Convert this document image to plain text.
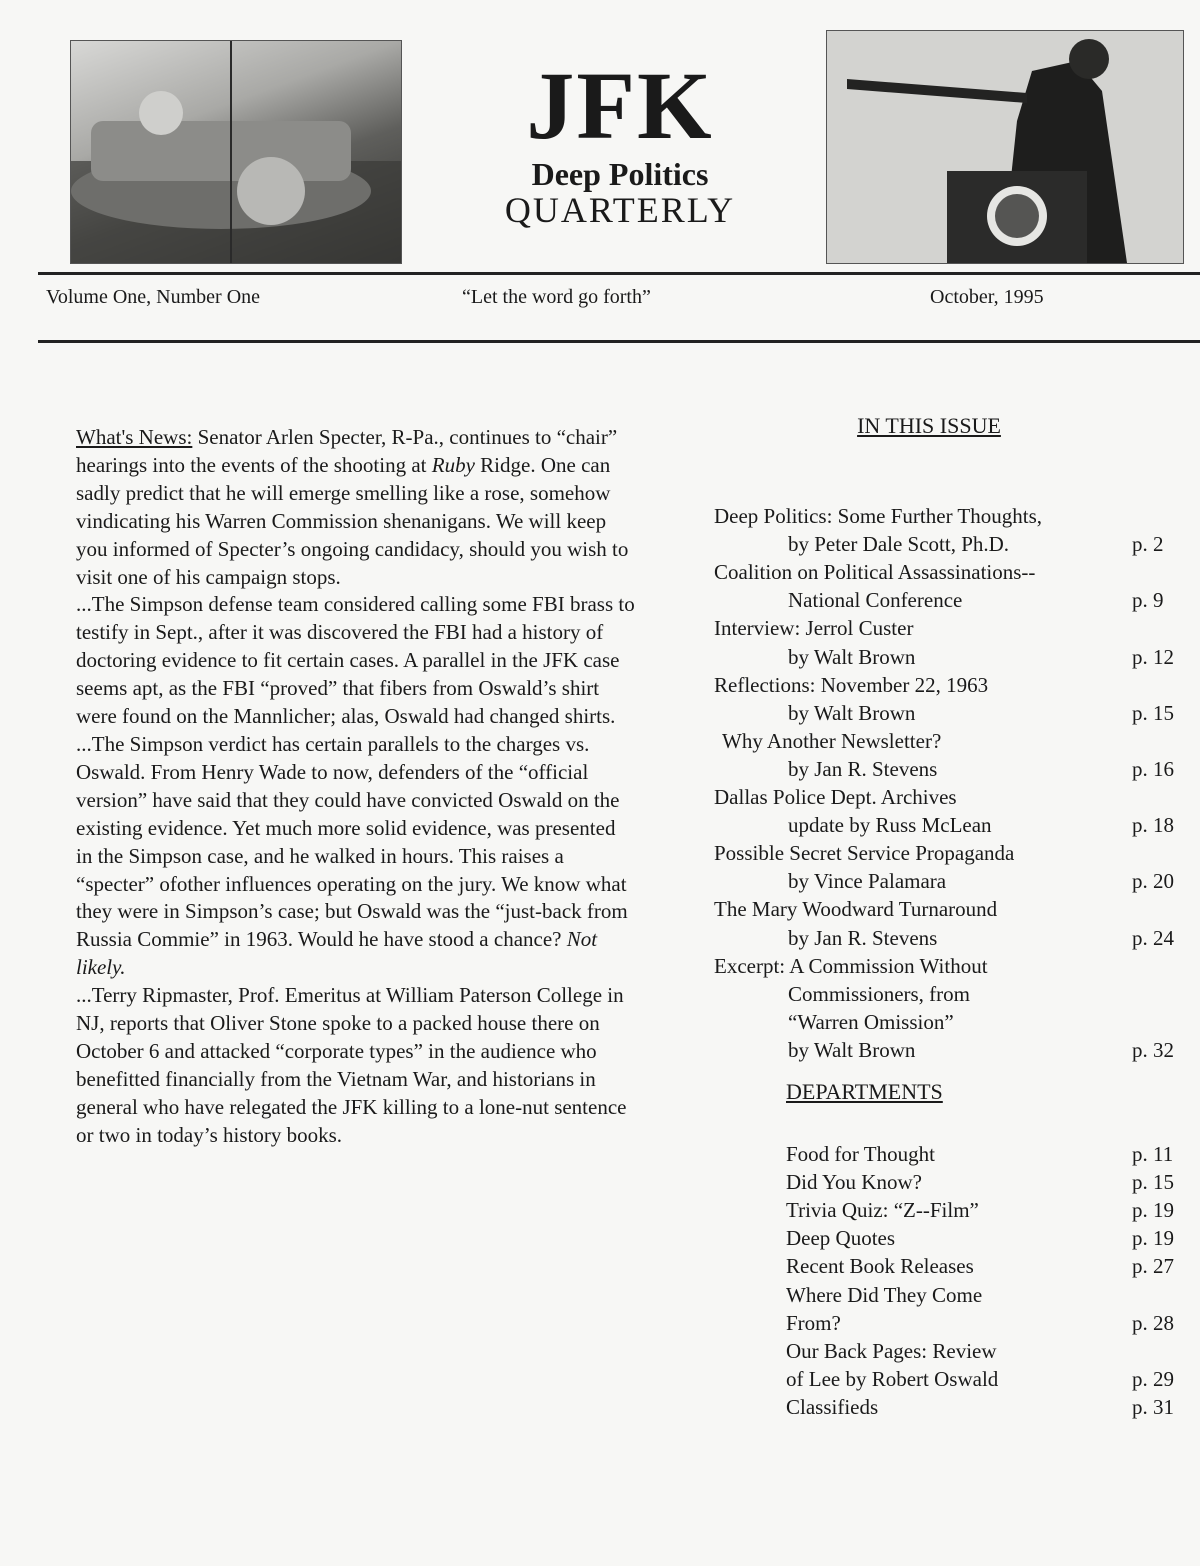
JFK
Deep Politics
QUARTERLY
Volume One, Number One	“Let the word go forth”	October, 1995

What's News: Senator Arlen Specter, R-Pa., continues to “chair” hearings into the events of the shooting at Ruby Ridge. One can sadly predict that he will emerge smelling like a rose, somehow vindicating his Warren Commission shenanigans. We will keep you informed of Specter’s ongoing candidacy, should you wish to visit one of his campaign stops.

...The Simpson defense team considered calling some FBI brass to testify in Sept., after it was discovered the FBI had a history of doctoring evidence to fit certain cases. A parallel in the JFK case seems apt, as the FBI “proved” that fibers from Oswald’s shirt were found on the Mannlicher; alas, Oswald had changed shirts.

...The Simpson verdict has certain parallels to the charges vs. Oswald. From Henry Wade to now, defenders of the “official version” have said that they could have convicted Oswald on the existing evidence. Yet much more solid evidence, was presented in the Simpson case, and he walked in hours. This raises a “specter” ofother influences operating on the jury. We know what they were in Simpson’s case; but Oswald was the “just-back from Russia Commie” in 1963. Would he have stood a chance? Not likely.

...Terry Ripmaster, Prof. Emeritus at William Paterson College in NJ, reports that Oliver Stone spoke to a packed house there on October 6 and attacked “corporate types” in the audience who benefitted financially from the Vietnam War, and historians in general who have relegated the JFK killing to a lone-nut sentence or two in today’s history books.

IN THIS ISSUE
Deep Politics: Some Further Thoughts,
by Peter Dale Scott, Ph.D.	p. 2
Coalition on Political Assassinations--
National Conference	p. 9
Interview: Jerrol Custer
by Walt Brown	p. 12
Reflections: November 22, 1963
by Walt Brown	p. 15
Why Another Newsletter?
by Jan R. Stevens	p. 16
Dallas Police Dept. Archives
update by Russ McLean	p. 18
Possible Secret Service Propaganda
by Vince Palamara	p. 20
The Mary Woodward Turnaround
by Jan R. Stevens	p. 24
Excerpt: A Commission Without
Commissioners, from
“Warren Omission”
by Walt Brown	p. 32
DEPARTMENTS
Food for Thought	p. 11
Did You Know?	p. 15
Trivia Quiz: “Z--Film”	p. 19
Deep Quotes	p. 19
Recent Book Releases	p. 27
Where Did They Come
From?	p. 28
Our Back Pages: Review
of Lee by Robert Oswald	p. 29
Classifieds	p. 31
